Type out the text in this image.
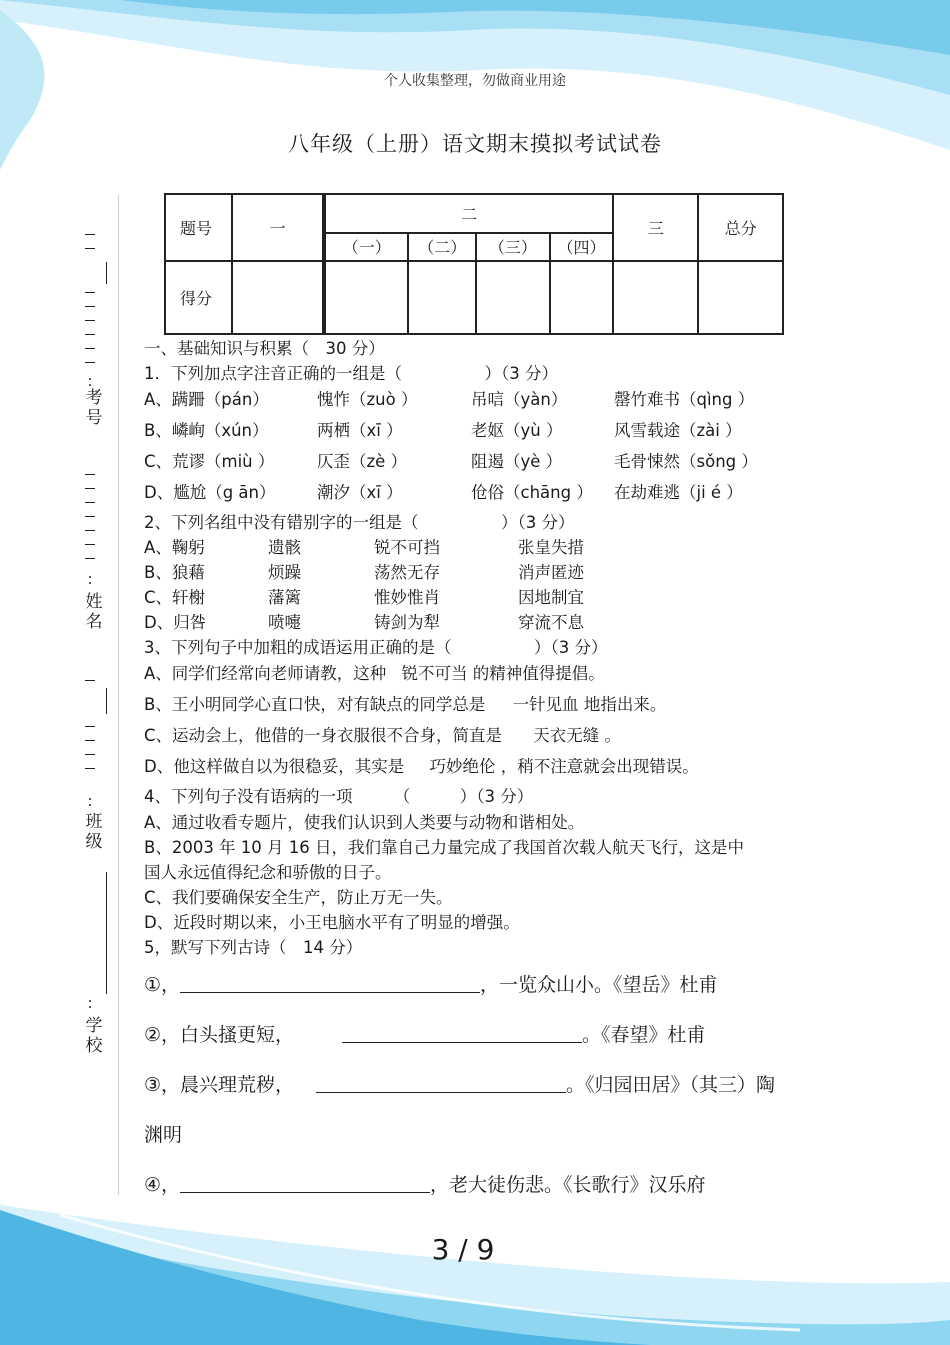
个人收集整理，勿做商业用途
八年级（上册）语文期末摸拟考试试卷
:
考号
:
姓名
:
班级
:
学校
题号	一	二				三	总分
		（一）	（二）	（三）	（四）		
得分							
一、基础知识与积累（　30 分）
1．下列加点字注音正确的一组是（　　　　　）（3 分）
A、蹒跚（pán）	愧怍（zuò ）	吊唁（yàn）	罄竹难书（qìng ）
B、嶙峋（xún）	两栖（xī ）	老妪（yù ）	风雪载途（zài ）
C、荒谬（miù ）	仄歪（zè ）	阻遏（yè ）	毛骨悚然（sǒng ）
D、尴尬（g ān）	潮汐（xī ）	伧俗（chāng ） 在劫难逃（ji é ）
2、下列名组中没有错别字的一组是（　　　　　）（3 分）
A、鞠躬	遗骸	锐不可挡	张皇失措
B、狼藉	烦躁	荡然无存	消声匿迹
C、轩榭	藩篱	惟妙惟肖	因地制宜
D、归咎	喷嚏	铸剑为犁	穿流不息
3、下列句子中加粗的成语运用正确的是（　　　　　）（3 分）
A、同学们经常向老师请教，这种 锐不可当 的精神值得提倡。
B、王小明同学心直口快，对有缺点的同学总是 一针见血 地指出来。
C、运动会上，他借的一身衣服很不合身，简直是 天衣无缝 。
D、他这样做自以为很稳妥，其实是 巧妙绝伦 ，稍不注意就会出现错误。
4、下列句子没有语病的一项　　　（　　　）（3 分）
A、通过收看专题片，使我们认识到人类要与动物和谐相处。
B、2003 年 10 月 16 日，我们靠自己力量完成了我国首次载人航天飞行，这是中
国人永远值得纪念和骄傲的日子。
C、我们要确保安全生产，防止万无一失。
D、近段时期以来，小王电脑水平有了明显的增强。
5，默写下列古诗（　14 分）
①，	，一览众山小。《望岳》杜甫
②，白头搔更短，	。《春望》杜甫
③，晨兴理荒秽，	。《归园田居》（其三）陶
渊明
④，	，老大徒伤悲。《长歌行》汉乐府
3 / 9
